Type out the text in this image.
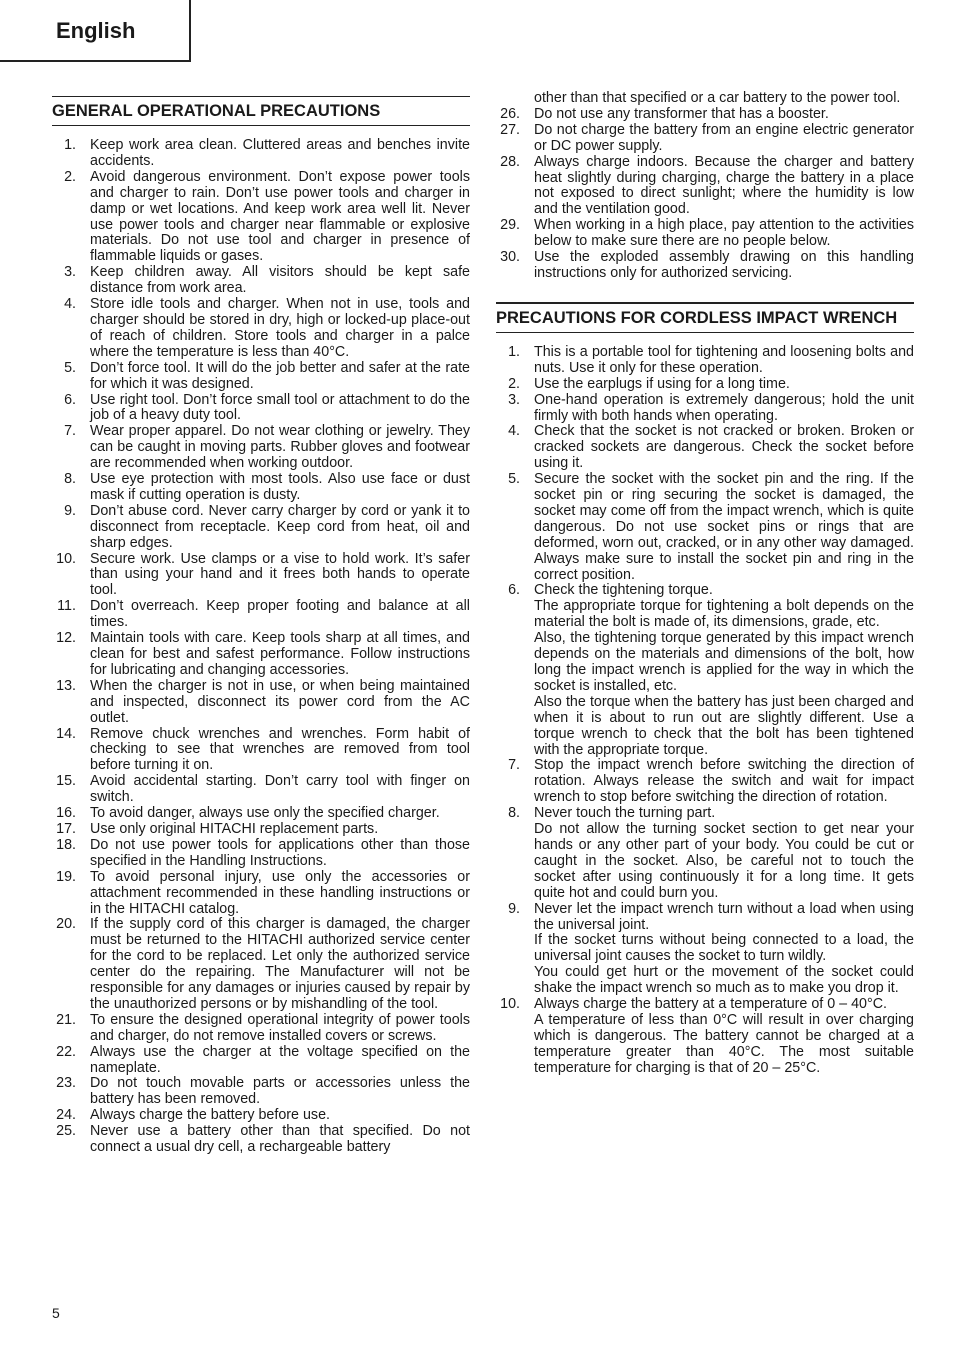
English
GENERAL OPERATIONAL PRECAUTIONS
1. Keep work area clean. Cluttered areas and benches invite accidents.
2. Avoid dangerous environment. Don’t expose power tools and charger to rain. Don’t use power tools and charger in damp or wet locations. And keep work area well lit. Never use power tools and charger near flammable or explosive materials. Do not use tool and charger in presence of flammable liquids or gases.
3. Keep children away. All visitors should be kept safe distance from work area.
4. Store idle tools and charger. When not in use, tools and charger should be stored in dry, high or locked-up place-out of reach of children. Store tools and charger in a palce where the temperature is less than 40°C.
5. Don’t force tool. It will do the job better and safer at the rate for which it was designed.
6. Use right tool. Don’t force small tool or attachment to do the job of a heavy duty tool.
7. Wear proper apparel. Do not wear clothing or jewelry. They can be caught in moving parts. Rubber gloves and footwear are recommended when working outdoor.
8. Use eye protection with most tools. Also use face or dust mask if cutting operation is dusty.
9. Don’t abuse cord. Never carry charger by cord or yank it to disconnect from receptacle. Keep cord from heat, oil and sharp edges.
10. Secure work. Use clamps or a vise to hold work. It’s safer than using your hand and it frees both hands to operate tool.
11. Don’t overreach. Keep proper footing and balance at all times.
12. Maintain tools with care. Keep tools sharp at all times, and clean for best and safest performance. Follow instructions for lubricating and changing accessories.
13. When the charger is not in use, or when being maintained and inspected, disconnect its power cord from the AC outlet.
14. Remove chuck wrenches and wrenches. Form habit of checking to see that wrenches are removed from tool before turning it on.
15. Avoid accidental starting. Don’t carry tool with finger on switch.
16. To avoid danger, always use only the specified charger.
17. Use only original HITACHI replacement parts.
18. Do not use power tools for applications other than those specified in the Handling Instructions.
19. To avoid personal injury, use only the accessories or attachment recommended in these handling instructions or in the HITACHI catalog.
20. If the supply cord of this charger is damaged, the charger must be returned to the HITACHI authorized service center for the cord to be replaced. Let only the authorized service center do the repairing. The Manufacturer will not be responsible for any damages or injuries caused by repair by the unauthorized persons or by mishandling of the tool.
21. To ensure the designed operational integrity of power tools and charger, do not remove installed covers or screws.
22. Always use the charger at the voltage specified on the nameplate.
23. Do not touch movable parts or accessories unless the battery has been removed.
24. Always charge the battery before use.
25. Never use a battery other than that specified. Do not connect a usual dry cell, a rechargeable battery
other than that specified or a car battery to the power tool.
26. Do not use any transformer that has a booster.
27. Do not charge the battery from an engine electric generator or DC power supply.
28. Always charge indoors. Because the charger and battery heat slightly during charging, charge the battery in a place not exposed to direct sunlight; where the humidity is low and the ventilation good.
29. When working in a high place, pay attention to the activities below to make sure there are no people below.
30. Use the exploded assembly drawing on this handling instructions only for authorized servicing.
PRECAUTIONS FOR CORDLESS IMPACT WRENCH
1. This is a portable tool for tightening and loosening bolts and nuts. Use it only for these operation.

2. Use the earplugs if using for a long time.

3. One-hand operation is extremely dangerous; hold the unit firmly with both hands when operating.

4. Check that the socket is not cracked or broken. Broken or cracked sockets are dangerous. Check the socket before using it.

5. Secure the socket with the socket pin and the ring. If the socket pin or ring securing the socket is damaged, the socket may come off from the impact wrench, which is quite dangerous. Do not use socket pins or rings that are deformed, worn out, cracked, or in any other way damaged. Always make sure to install the socket pin and ring in the correct position.

6. Check the tightening torque.

The appropriate torque for tightening a bolt depends on the material the bolt is made of, its dimensions, grade, etc.

Also, the tightening torque generated by this impact wrench depends on the materials and dimensions of the bolt, how long the impact wrench is applied for the way in which the socket is installed, etc.

Also the torque when the battery has just been charged and when it is about to run out are slightly different. Use a torque wrench to check that the bolt has been tightened with the appropriate torque.

7. Stop the impact wrench before switching the direction of rotation. Always release the switch and wait for impact wrench to stop before switching the direction of rotation.

8. Never touch the turning part.

Do not allow the turning socket section to get near your hands or any other part of your body. You could be cut or caught in the socket. Also, be careful not to touch the socket after using continuously it for a long time. It gets quite hot and could burn you.

9. Never let the impact wrench turn without a load when using the universal joint.

If the socket turns without being connected to a load, the universal joint causes the socket to turn wildly.

You could get hurt or the movement of the socket could shake the impact wrench so much as to make you drop it.

10. Always charge the battery at a temperature of 0 – 40°C.

A temperature of less than 0°C will result in over charging which is dangerous. The battery cannot be charged at a temperature greater than 40°C. The most suitable temperature for charging is that of 20 – 25°C.

5
